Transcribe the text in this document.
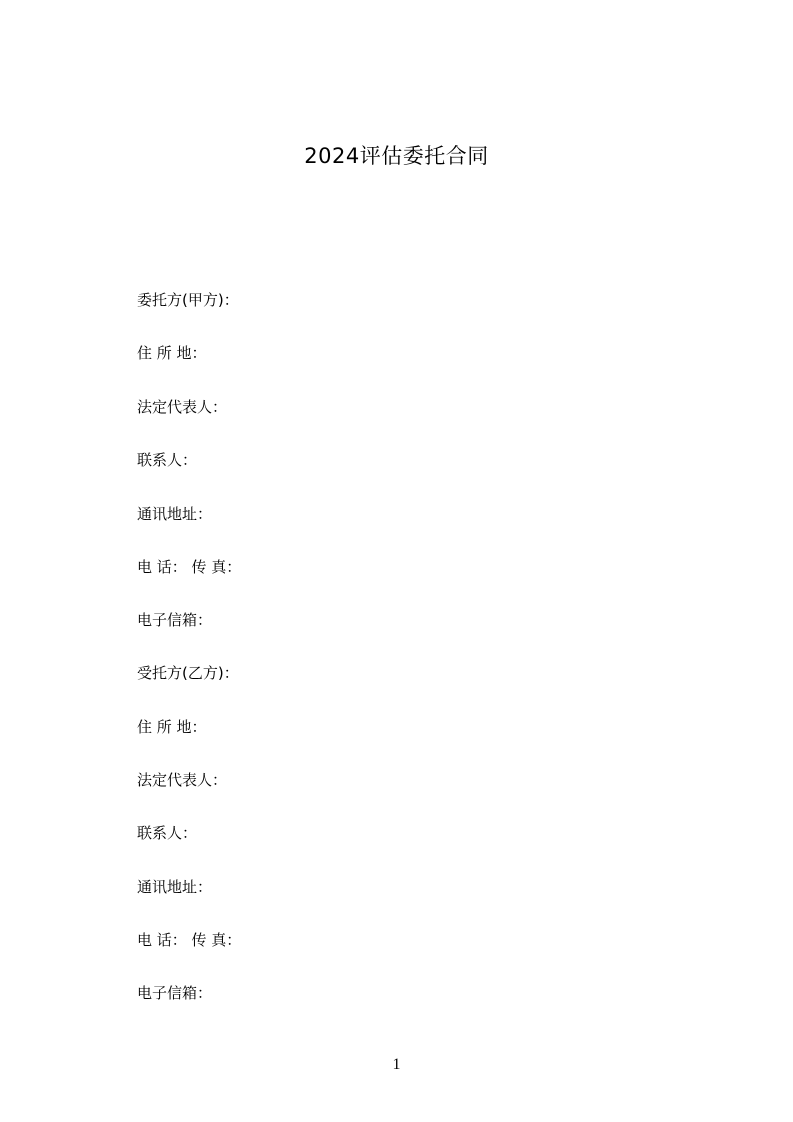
2024评估委托合同
委托方(甲方)：
住 所 地：
法定代表人：
联系人：
通讯地址：
电 话： 传 真：
电子信箱：
受托方(乙方)：
住 所 地：
法定代表人：
联系人：
通讯地址：
电 话： 传 真：
电子信箱：
1
